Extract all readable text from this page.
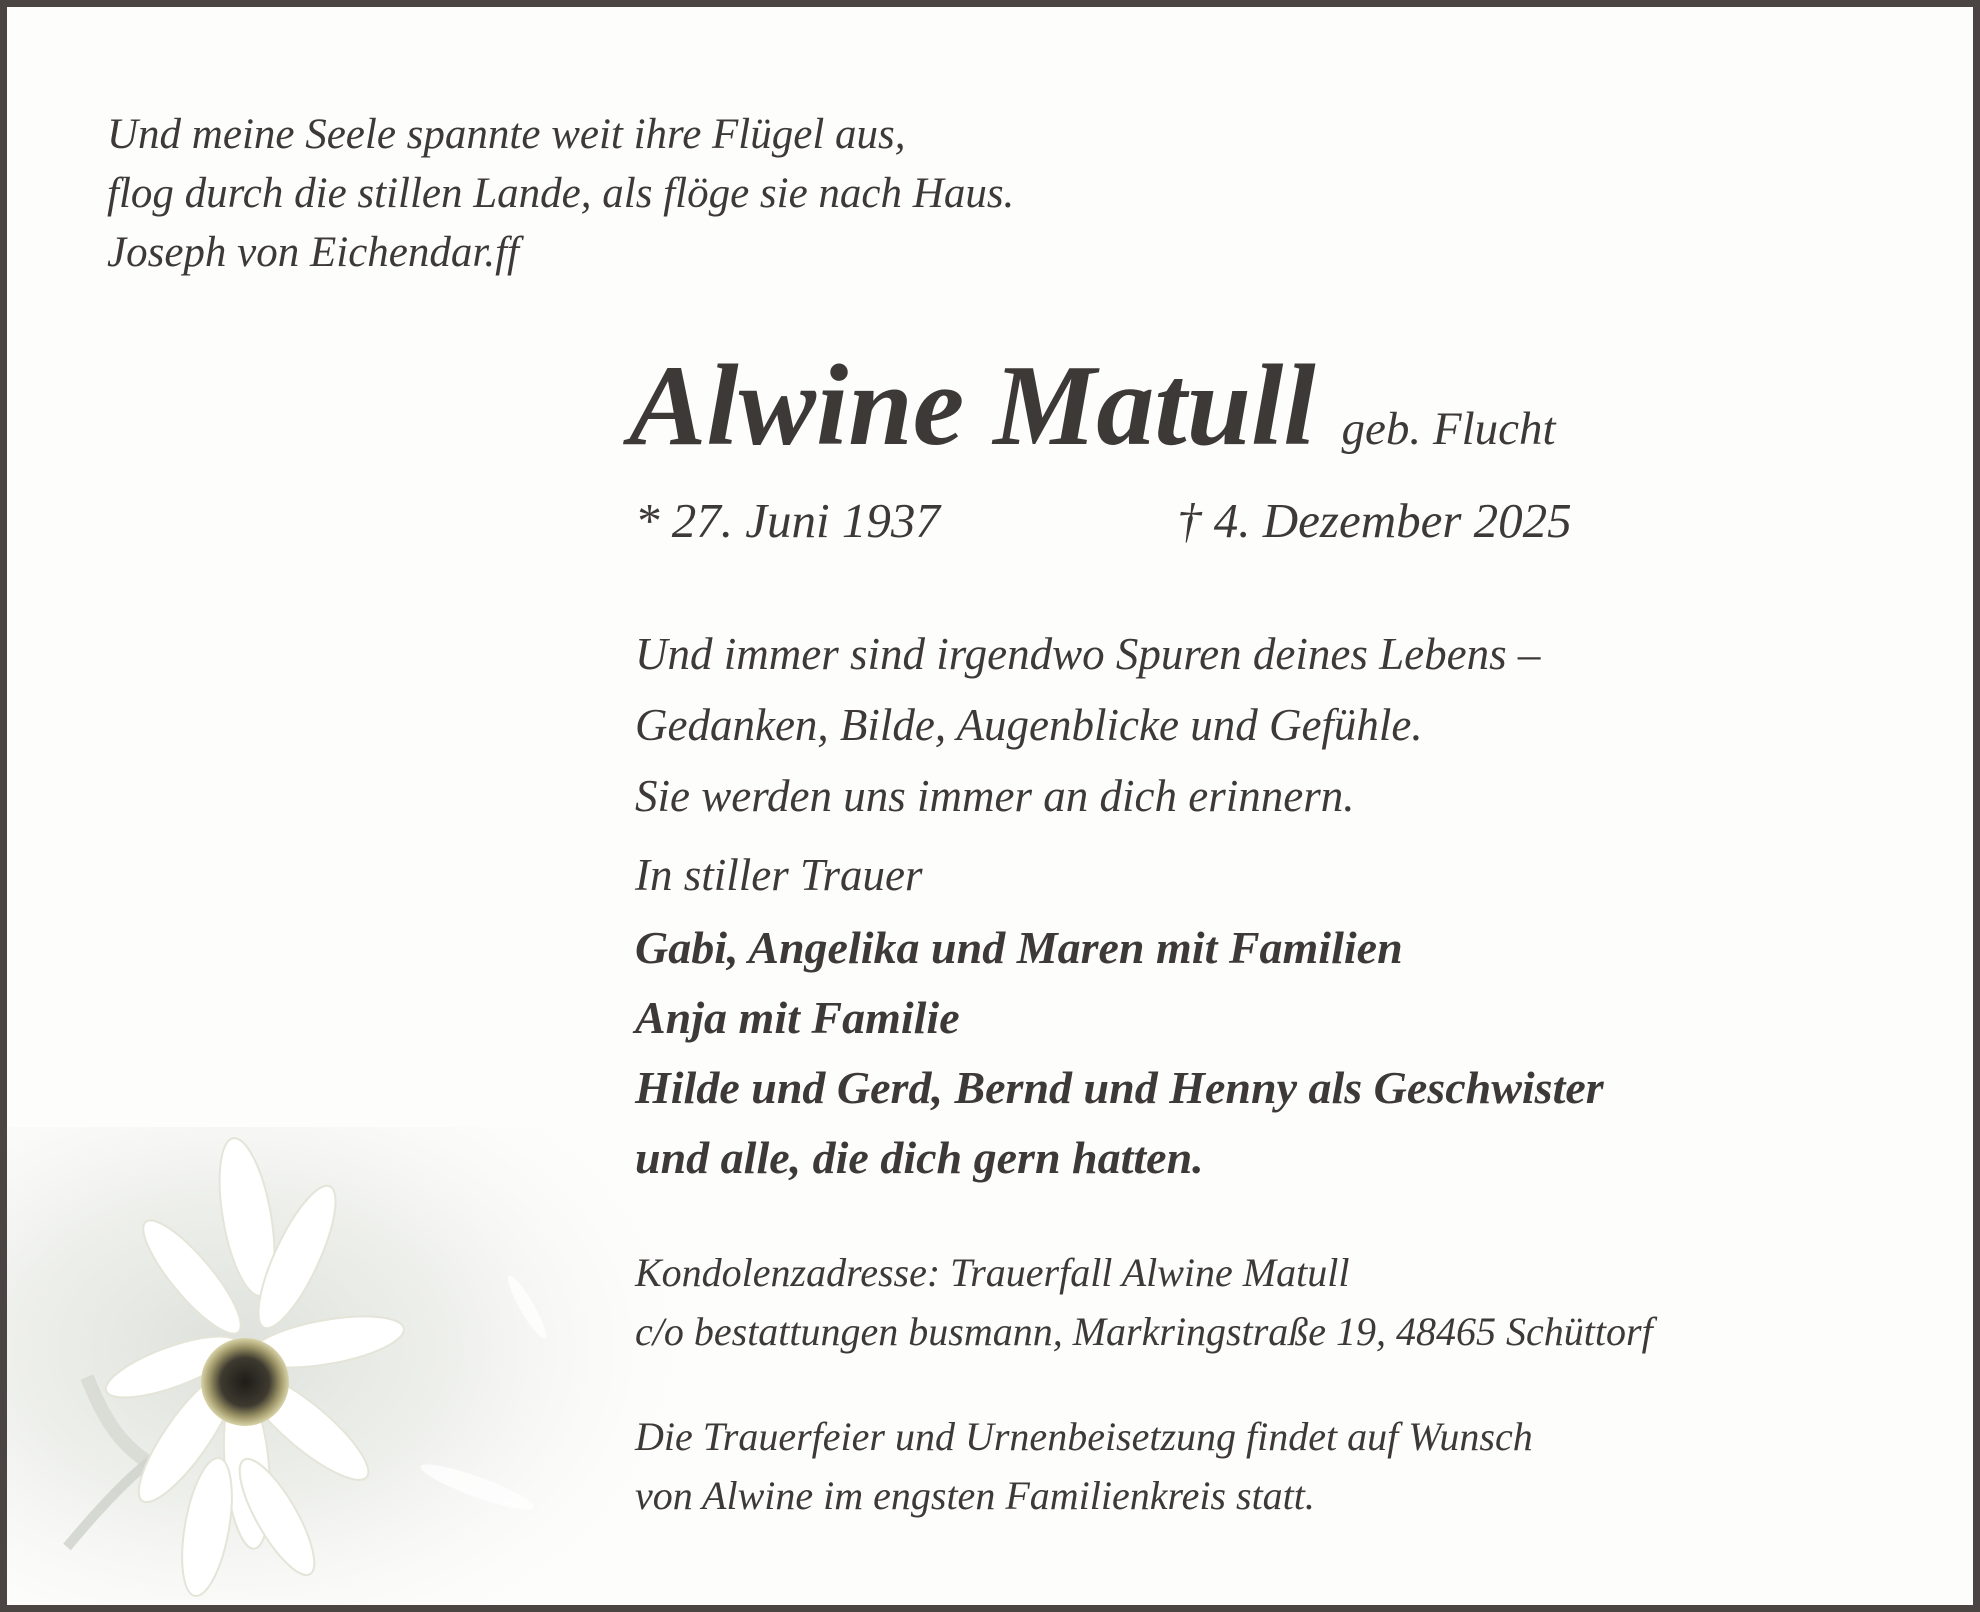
Und meine Seele spannte weit ihre Flügel aus,
flog durch die stillen Lande, als flöge sie nach Haus.
Joseph von Eichendar.ff
Alwine Matull geb. Flucht
* 27. Juni 1937	† 4. Dezember 2025
Und immer sind irgendwo Spuren deines Lebens –
Gedanken, Bilde, Augenblicke und Gefühle.
Sie werden uns immer an dich erinnern.
In stiller Trauer
Gabi, Angelika und Maren mit Familien
Anja mit Familie
Hilde und Gerd, Bernd und Henny als Geschwister
und alle, die dich gern hatten.
Kondolenzadresse: Trauerfall Alwine Matull
c/o bestattungen busmann, Markringstraße 19, 48465 Schüttorf
Die Trauerfeier und Urnenbeisetzung findet auf Wunsch
von Alwine im engsten Familienkreis statt.
